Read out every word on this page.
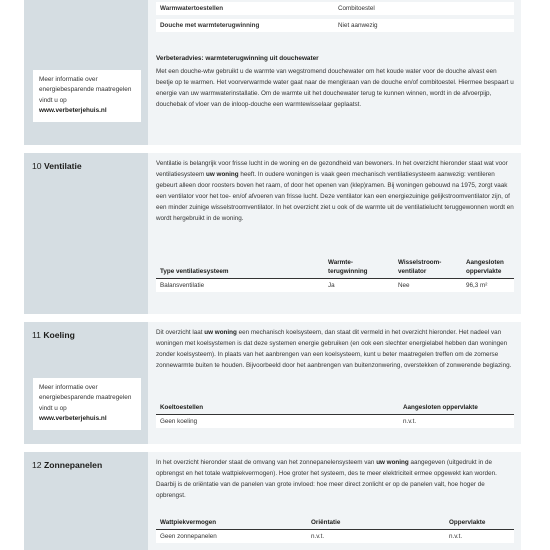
Meer informatie over energiebesparende maatregelen vindt u op www.verbeterjehuis.nl
Warmwatertoestellen	Combitoestel
Douche met warmteterugwinning	Niet aanwezig
Verbeteradvies: warmteterugwinning uit douchewater
Met een douche-wtw gebruikt u de warmte van wegstromend douchewater om het koude water voor de douche alvast een beetje op te warmen. Het voorverwarmde water gaat naar de mengkraan van de douche en/of combitoestel. Hiermee bespaart u energie van uw warmwaterinstallatie. Om de warmte uit het douchewater terug te kunnen winnen, wordt in de afvoerpijp, douchebak of vloer van de inloop-douche een warmtewisselaar geplaatst.
10 Ventilatie	Ventilatie is belangrijk voor frisse lucht in de woning en de gezondheid van bewoners. In het overzicht hieronder staat wat voor ventilatiesysteem uw woning heeft. In oudere woningen is vaak geen mechanisch ventilatiesysteem aanwezig: ventileren gebeurt alleen door roosters boven het raam, of door het openen van (klep)ramen. Bij woningen gebouwd na 1975, zorgt vaak een ventilator voor het toe- en/of afvoeren van frisse lucht. Deze ventilator kan een energiezuinige gelijkstroomventilator zijn, of een minder zuinige wisselstroomventilator. In het overzicht ziet u ook of de warmte uit de ventilatielucht teruggewonnen wordt en wordt hergebruikt in de woning.
Type ventilatiesysteem	Warmte-terugwinning	Wisselstroom-ventilator	Aangesloten oppervlakte
Balansventilatie	Ja	Nee	96,3 m²
11 Koeling
Meer informatie over energiebesparende maatregelen vindt u op www.verbeterjehuis.nl
Dit overzicht laat uw woning een mechanisch koelsysteem, dan staat dit vermeld in het overzicht hieronder. Het nadeel van woningen met koelsystemen is dat deze systemen energie gebruiken (en ook een slechter energielabel hebben dan woningen zonder koelsysteem). In plaats van het aanbrengen van een koelsysteem, kunt u beter maatregelen treffen om de zomerse zonnewarmte buiten te houden. Bijvoorbeeld door het aanbrengen van buitenzonwering, overstekken of zonwerende beglazing.
Koeltoestellen	Aangesloten oppervlakte
Geen koeling	n.v.t.
12 Zonnepanelen	In het overzicht hieronder staat de omvang van het zonnepanelensysteem van uw woning aangegeven (uitgedrukt in de opbrengst en het totale wattpiekvermogen). Hoe groter het systeem, des te meer elektriciteit ermee opgewekt kan worden. Daarbij is de oriëntatie van de panelen van grote invloed: hoe meer direct zonlicht er op de panelen valt, hoe hoger de opbrengst.
Wattpiekvermogen	Oriëntatie	Oppervlakte
Geen zonnepanelen	n.v.t.	n.v.t.
